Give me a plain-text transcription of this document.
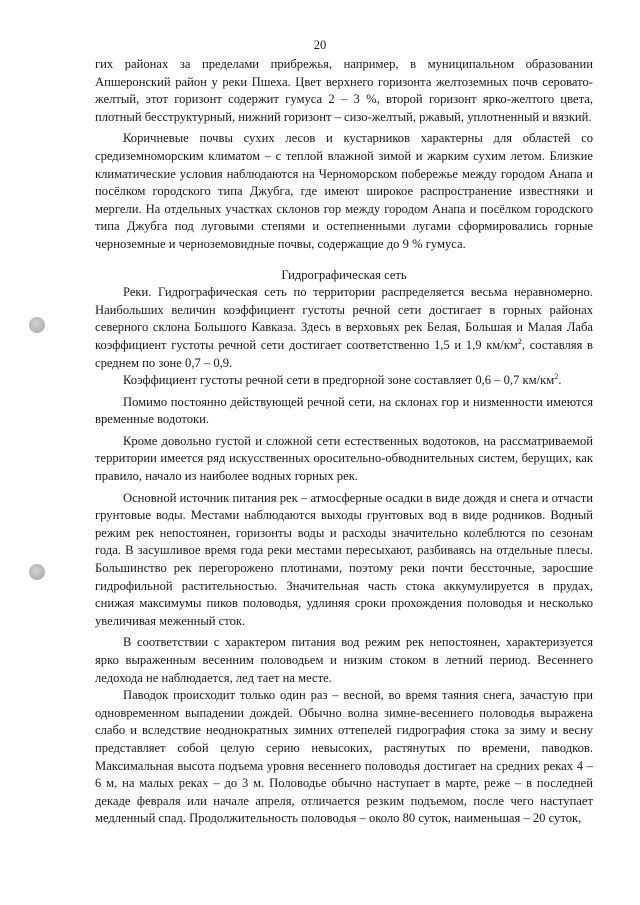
20

гих районах за пределами прибрежья, например, в муниципальном образовании Апшеронский район у реки Пшеха. Цвет верхнего горизонта желтоземных почв серовато-желтый, этот горизонт содержит гумуса 2 – 3 %, второй горизонт ярко-желтого цвета, плотный бесструктурный, нижний горизонт – сизо-желтый, ржавый, уплотненный и вязкий.

Коричневые почвы сухих лесов и кустарников характерны для областей со средиземноморским климатом – с теплой влажной зимой и жарким сухим летом. Близкие климатические условия наблюдаются на Черноморском побережье между городом Анапа и посёлком городского типа Джубга, где имеют широкое распространение известняки и мергели. На отдельных участках склонов гор между городом Анапа и посёлком городского типа Джубга под луговыми степями и остепненными лугами сформировались горные черноземные и черноземовидные почвы, содержащие до 9 % гумуса.

Гидрографическая сеть

Реки. Гидрографическая сеть по территории распределяется весьма неравномерно. Наибольших величин коэффициент густоты речной сети достигает в горных районах северного склона Большого Кавказа. Здесь в верховьях рек Белая, Большая и Малая Лаба коэффициент густоты речной сети достигает соответственно 1,5 и 1,9 $км/км^2$, составляя в среднем по зоне 0,7 – 0,9.

Коэффициент густоты речной сети в предгорной зоне составляет 0,6 – 0,7 $км/км^2$.

Помимо постоянно действующей речной сети, на склонах гор и низменности имеются временные водотоки.

Кроме довольно густой и сложной сети естественных водотоков, на рассматриваемой территории имеется ряд искусственных оросительно-обводнительных систем, берущих, как правило, начало из наиболее водных горных рек.

Основной источник питания рек – атмосферные осадки в виде дождя и снега и отчасти грунтовые воды. Местами наблюдаются выходы грунтовых вод в виде родников. Водный режим рек непостоянен, горизонты воды и расходы значительно колеблются по сезонам года. В засушливое время года реки местами пересыхают, разбиваясь на отдельные плесы. Большинство рек перегорожено плотинами, поэтому реки почти бессточные, заросшие гидрофильной растительностью. Значительная часть стока аккумулируется в прудах, снижая максимумы пиков половодья, удлиняя сроки прохождения половодья и несколько увеличивая меженный сток.

В соответствии с характером питания вод режим рек непостоянен, характеризуется ярко выраженным весенним половодьем и низким стоком в летний период. Весеннего ледохода не наблюдается, лед тает на месте.

Паводок происходит только один раз – весной, во время таяния снега, зачастую при одновременном выпадении дождей. Обычно волна зимне-весеннего половодья выражена слабо и вследствие неоднократных зимних оттепелей гидрография стока за зиму и весну представляет собой целую серию невысоких, растянутых по времени, паводков. Максимальная высота подъема уровня весеннего половодья достигает на средних реках 4 – 6 м, на малых реках – до 3 м. Половодье обычно наступает в марте, реже – в последней декаде февраля или начале апреля, отличается резким подъемом, после чего наступает медленный спад. Продолжительность половодья – около 80 суток, наименьшая – 20 суток,
